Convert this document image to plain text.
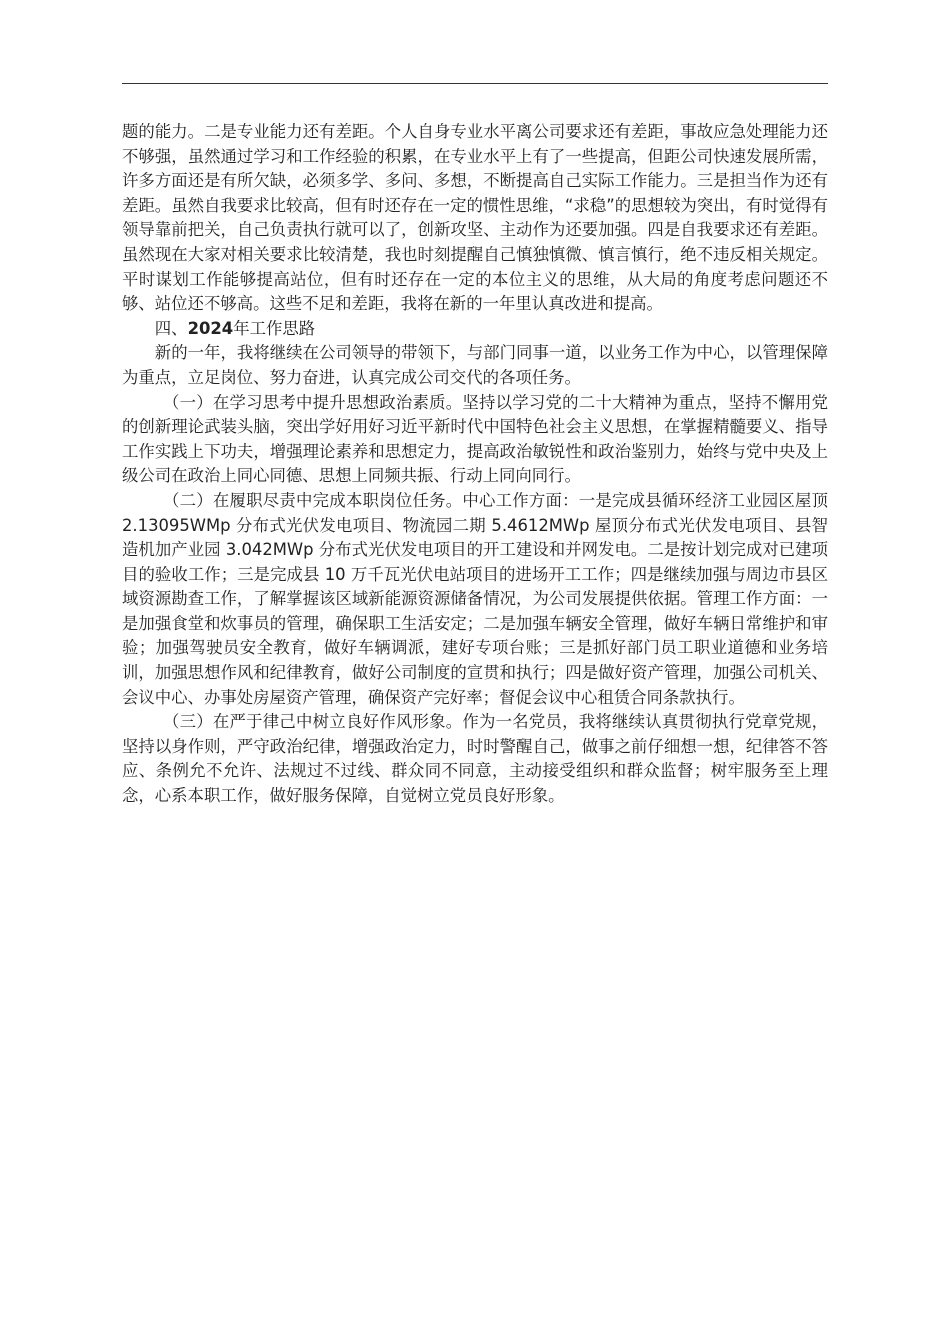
题的能力。二是专业能力还有差距。个人自身专业水平离公司要求还有差距，事故应急处理能力还不够强，虽然通过学习和工作经验的积累，在专业水平上有了一些提高，但距公司快速发展所需，许多方面还是有所欠缺，必须多学、多问、多想，不断提高自己实际工作能力。三是担当作为还有差距。虽然自我要求比较高，但有时还存在一定的惯性思维，“求稳”的思想较为突出，有时觉得有领导靠前把关，自己负责执行就可以了，创新攻坚、主动作为还要加强。四是自我要求还有差距。虽然现在大家对相关要求比较清楚，我也时刻提醒自己慎独慎微、慎言慎行，绝不违反相关规定。平时谋划工作能够提高站位，但有时还存在一定的本位主义的思维，从大局的角度考虑问题还不够、站位还不够高。这些不足和差距，我将在新的一年里认真改进和提高。

四、2024年工作思路

新的一年，我将继续在公司领导的带领下，与部门同事一道，以业务工作为中心，以管理保障为重点，立足岗位、努力奋进，认真完成公司交代的各项任务。

（一）在学习思考中提升思想政治素质。坚持以学习党的二十大精神为重点，坚持不懈用党的创新理论武装头脑，突出学好用好习近平新时代中国特色社会主义思想，在掌握精髓要义、指导工作实践上下功夫，增强理论素养和思想定力，提高政治敏锐性和政治鉴别力，始终与党中央及上级公司在政治上同心同德、思想上同频共振、行动上同向同行。

（二）在履职尽责中完成本职岗位任务。中心工作方面：一是完成县循环经济工业园区屋顶 2.13095WMp 分布式光伏发电项目、物流园二期 5.4612MWp 屋顶分布式光伏发电项目、县智造机加产业园 3.042MWp 分布式光伏发电项目的开工建设和并网发电。二是按计划完成对已建项目的验收工作；三是完成县 10 万千瓦光伏电站项目的进场开工工作；四是继续加强与周边市县区域资源勘查工作，了解掌握该区域新能源资源储备情况，为公司发展提供依据。管理工作方面：一是加强食堂和炊事员的管理，确保职工生活安定；二是加强车辆安全管理，做好车辆日常维护和审验；加强驾驶员安全教育，做好车辆调派，建好专项台账；三是抓好部门员工职业道德和业务培训，加强思想作风和纪律教育，做好公司制度的宣贯和执行；四是做好资产管理，加强公司机关、会议中心、办事处房屋资产管理，确保资产完好率；督促会议中心租赁合同条款执行。

（三）在严于律己中树立良好作风形象。作为一名党员，我将继续认真贯彻执行党章党规，坚持以身作则，严守政治纪律，增强政治定力，时时警醒自己，做事之前仔细想一想，纪律答不答应、条例允不允许、法规过不过线、群众同不同意，主动接受组织和群众监督；树牢服务至上理念，心系本职工作，做好服务保障，自觉树立党员良好形象。
